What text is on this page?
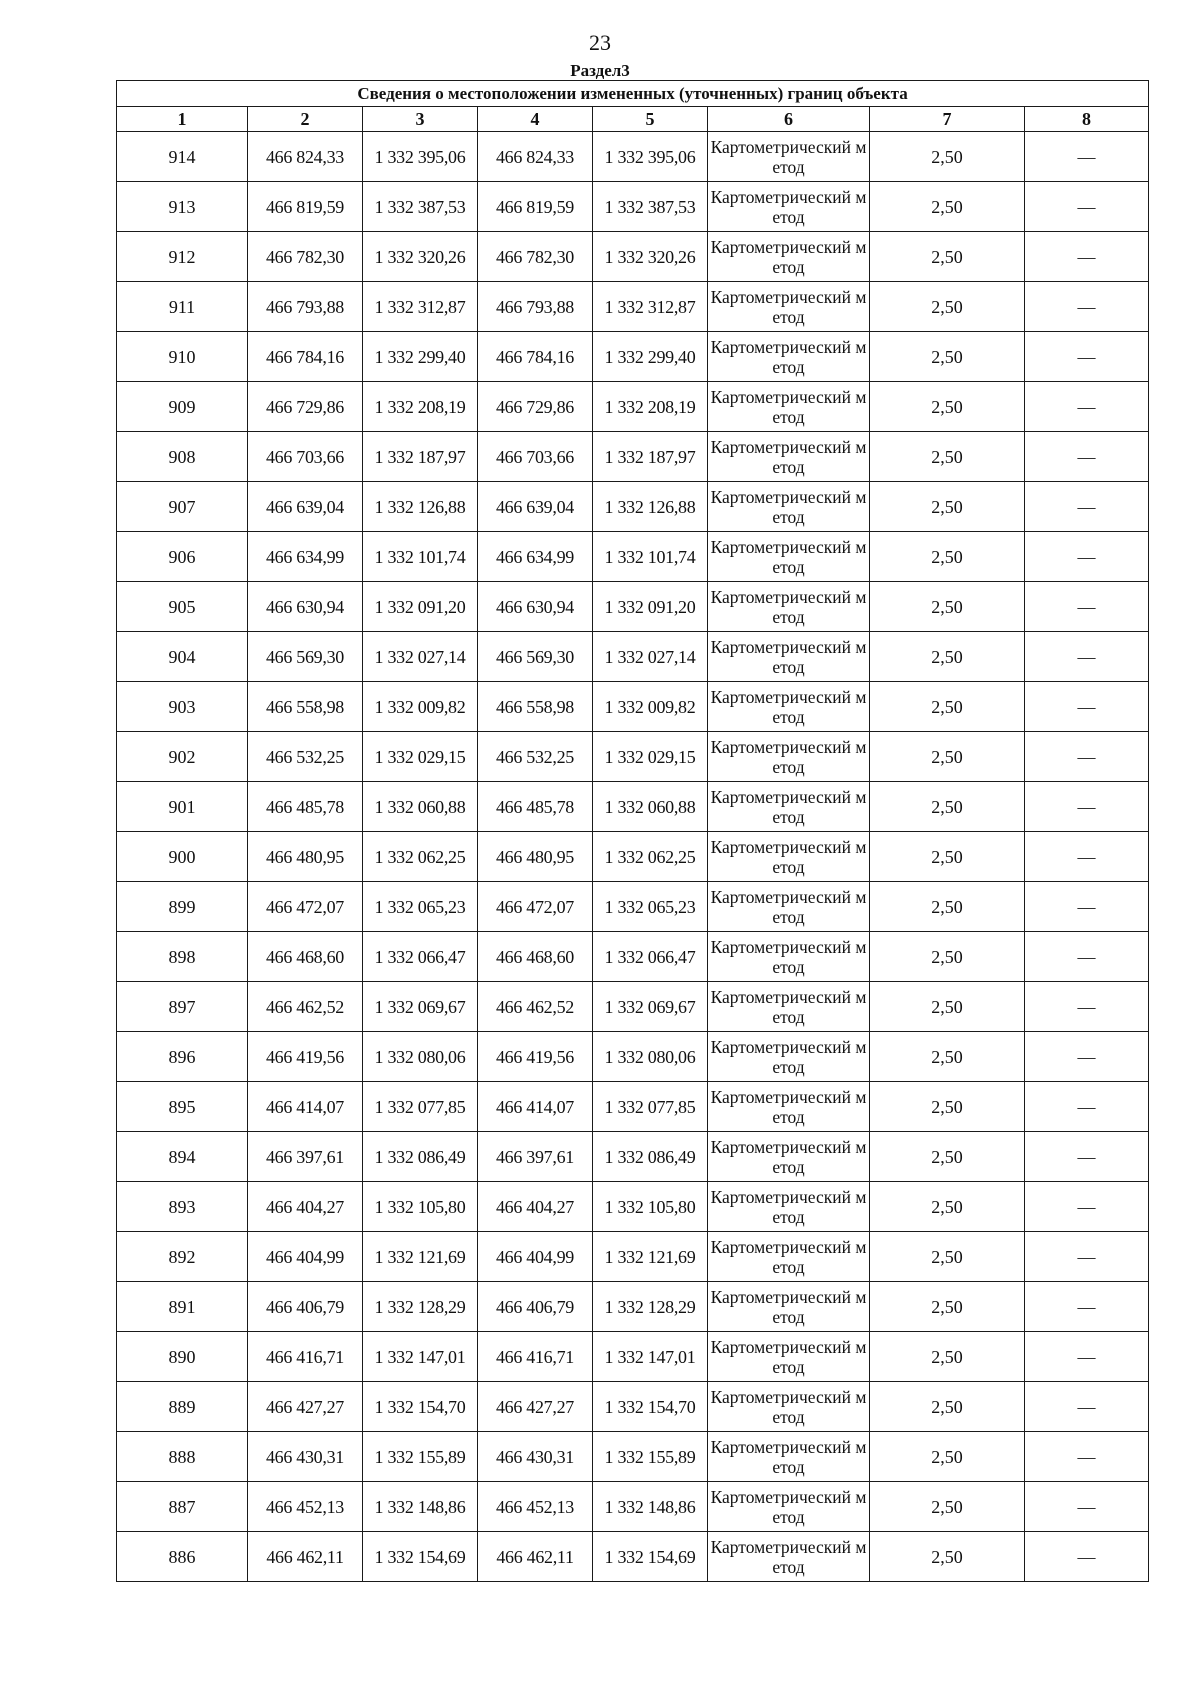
23
Раздел3
Сведения о местоположении измененных (уточненных) границ объекта							
1	2	3	4	5	6	7	8
914	466 824,33	1 332 395,06	466 824,33	1 332 395,06	Картометрический метод	2,50	—
913	466 819,59	1 332 387,53	466 819,59	1 332 387,53	Картометрический метод	2,50	—
912	466 782,30	1 332 320,26	466 782,30	1 332 320,26	Картометрический метод	2,50	—
911	466 793,88	1 332 312,87	466 793,88	1 332 312,87	Картометрический метод	2,50	—
910	466 784,16	1 332 299,40	466 784,16	1 332 299,40	Картометрический метод	2,50	—
909	466 729,86	1 332 208,19	466 729,86	1 332 208,19	Картометрический метод	2,50	—
908	466 703,66	1 332 187,97	466 703,66	1 332 187,97	Картометрический метод	2,50	—
907	466 639,04	1 332 126,88	466 639,04	1 332 126,88	Картометрический метод	2,50	—
906	466 634,99	1 332 101,74	466 634,99	1 332 101,74	Картометрический метод	2,50	—
905	466 630,94	1 332 091,20	466 630,94	1 332 091,20	Картометрический метод	2,50	—
904	466 569,30	1 332 027,14	466 569,30	1 332 027,14	Картометрический метод	2,50	—
903	466 558,98	1 332 009,82	466 558,98	1 332 009,82	Картометрический метод	2,50	—
902	466 532,25	1 332 029,15	466 532,25	1 332 029,15	Картометрический метод	2,50	—
901	466 485,78	1 332 060,88	466 485,78	1 332 060,88	Картометрический метод	2,50	—
900	466 480,95	1 332 062,25	466 480,95	1 332 062,25	Картометрический метод	2,50	—
899	466 472,07	1 332 065,23	466 472,07	1 332 065,23	Картометрический метод	2,50	—
898	466 468,60	1 332 066,47	466 468,60	1 332 066,47	Картометрический метод	2,50	—
897	466 462,52	1 332 069,67	466 462,52	1 332 069,67	Картометрический метод	2,50	—
896	466 419,56	1 332 080,06	466 419,56	1 332 080,06	Картометрический метод	2,50	—
895	466 414,07	1 332 077,85	466 414,07	1 332 077,85	Картометрический метод	2,50	—
894	466 397,61	1 332 086,49	466 397,61	1 332 086,49	Картометрический метод	2,50	—
893	466 404,27	1 332 105,80	466 404,27	1 332 105,80	Картометрический метод	2,50	—
892	466 404,99	1 332 121,69	466 404,99	1 332 121,69	Картометрический метод	2,50	—
891	466 406,79	1 332 128,29	466 406,79	1 332 128,29	Картометрический метод	2,50	—
890	466 416,71	1 332 147,01	466 416,71	1 332 147,01	Картометрический метод	2,50	—
889	466 427,27	1 332 154,70	466 427,27	1 332 154,70	Картометрический метод	2,50	—
888	466 430,31	1 332 155,89	466 430,31	1 332 155,89	Картометрический метод	2,50	—
887	466 452,13	1 332 148,86	466 452,13	1 332 148,86	Картометрический метод	2,50	—
886	466 462,11	1 332 154,69	466 462,11	1 332 154,69	Картометрический метод	2,50	—
